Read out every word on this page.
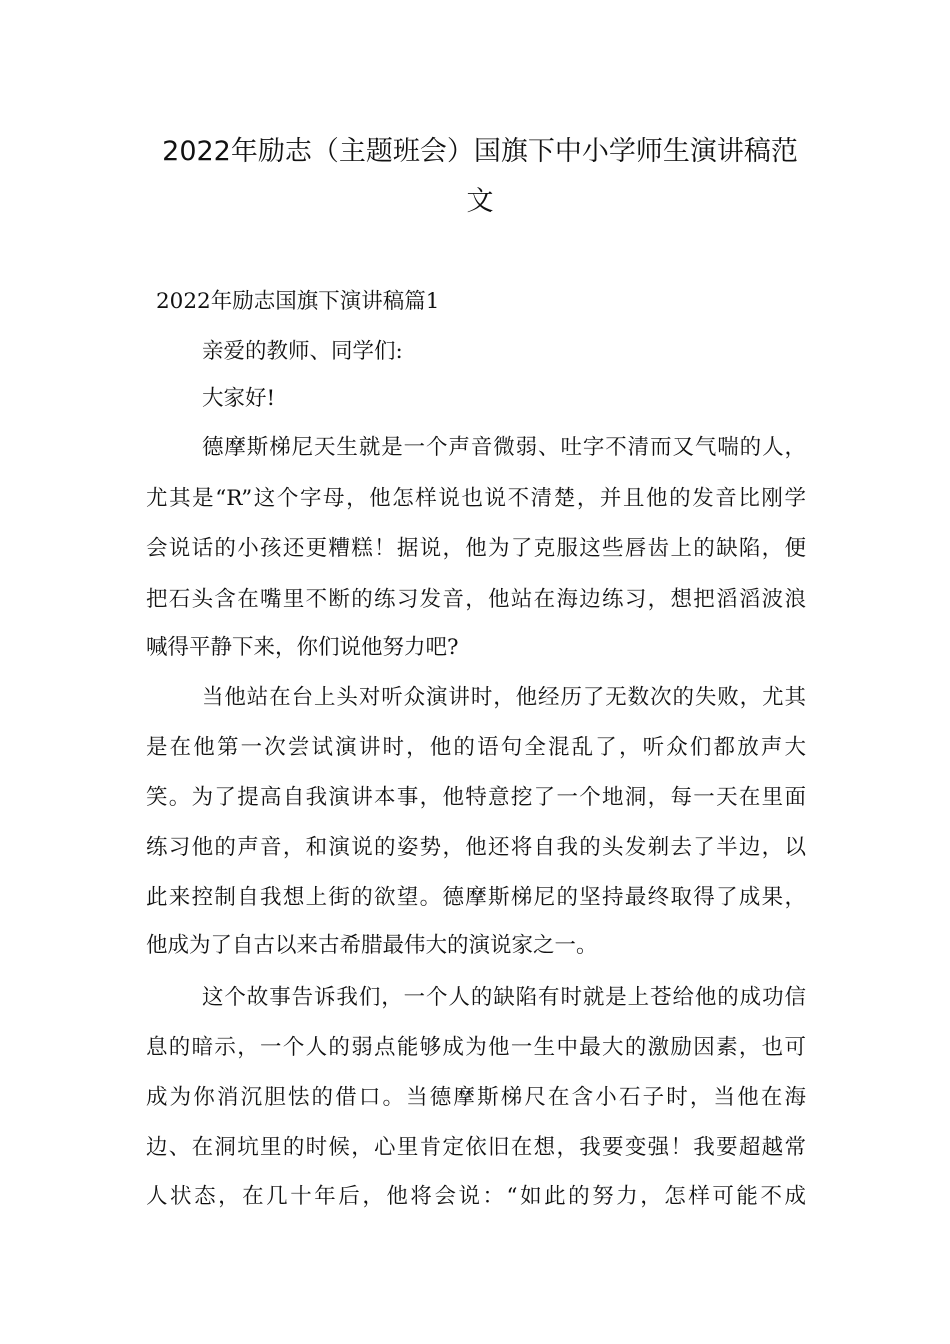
2022年励志（主题班会）国旗下中小学师生演讲稿范
文
2022年励志国旗下演讲稿篇1
亲爱的教师、同学们:
大家好!
德摩斯梯尼天生就是一个声音微弱、吐字不清而又气喘的人，
尤其是“R”这个字母，他怎样说也说不清楚，并且他的发音比刚学
会说话的小孩还更糟糕！据说，他为了克服这些唇齿上的缺陷，便
把石头含在嘴里不断的练习发音，他站在海边练习，想把滔滔波浪
喊得平静下来，你们说他努力吧?
当他站在台上头对听众演讲时，他经历了无数次的失败，尤其
是在他第一次尝试演讲时，他的语句全混乱了，听众们都放声大
笑。为了提高自我演讲本事，他特意挖了一个地洞，每一天在里面
练习他的声音，和演说的姿势，他还将自我的头发剃去了半边，以
此来控制自我想上街的欲望。德摩斯梯尼的坚持最终取得了成果，
他成为了自古以来古希腊最伟大的演说家之一。
这个故事告诉我们，一个人的缺陷有时就是上苍给他的成功信
息的暗示，一个人的弱点能够成为他一生中最大的激励因素，也可
成为你消沉胆怯的借口。当德摩斯梯尺在含小石子时，当他在海
边、在洞坑里的时候，心里肯定依旧在想，我要变强！我要超越常
人状态，在几十年后，他将会说：“如此的努力，怎样可能不成
